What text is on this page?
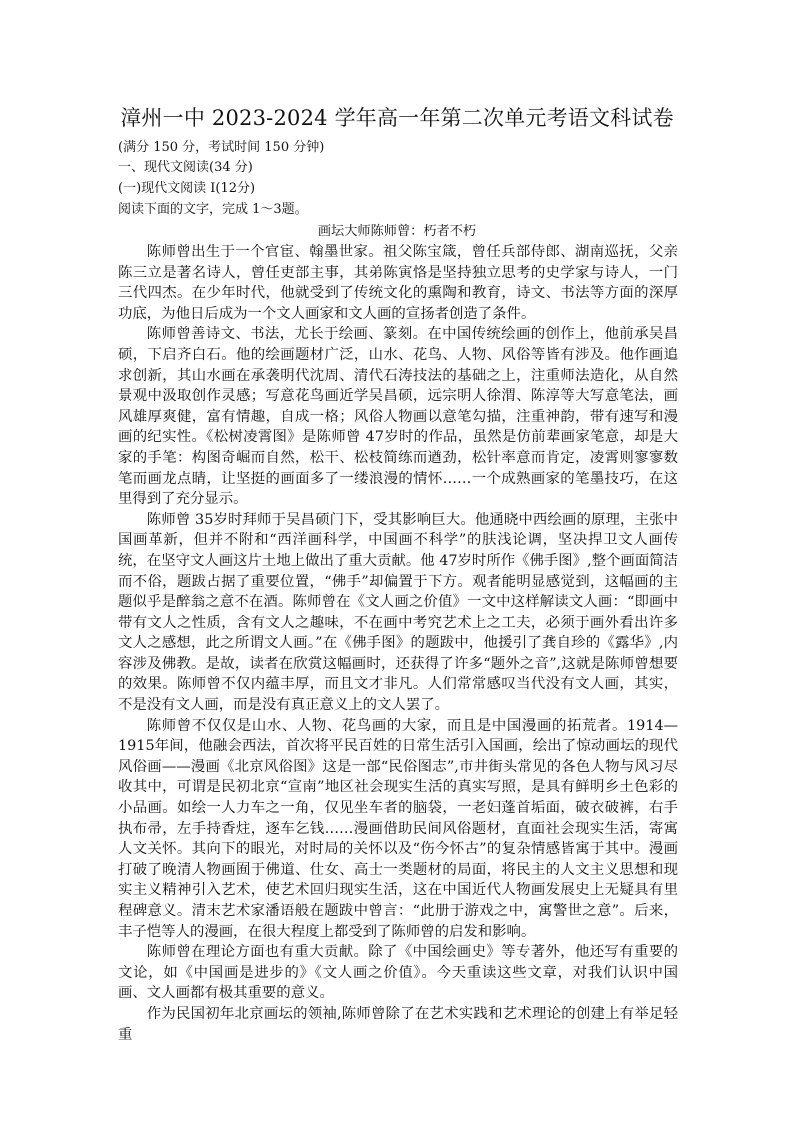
漳州一中 2023-2024 学年高一年第二次单元考语文科试卷
(满分 150 分，考试时间 150 分钟)
一、现代文阅读(34 分)
(一)现代文阅读 I(12分)
阅读下面的文字，完成 1～3题。
画坛大师陈师曾：朽者不朽

陈师曾出生于一个官宦、翰墨世家。祖父陈宝箴，曾任兵部侍郎、湖南巡抚，父亲陈三立是著名诗人，曾任吏部主事，其弟陈寅恪是坚持独立思考的史学家与诗人，一门三代四杰。在少年时代，他就受到了传统文化的熏陶和教育，诗文、书法等方面的深厚功底，为他日后成为一个文人画家和文人画的宣扬者创造了条件。

陈师曾善诗文、书法，尤长于绘画、篆刻。在中国传统绘画的创作上，他前承吴昌硕，下启齐白石。他的绘画题材广泛，山水、花鸟、人物、风俗等皆有涉及。他作画追求创新，其山水画在承袭明代沈周、清代石涛技法的基础之上，注重师法造化，从自然景观中汲取创作灵感；写意花鸟画近学吴昌硕，远宗明人徐渭、陈淳等大写意笔法，画风雄厚爽健，富有情趣，自成一格；风俗人物画以意笔勾描，注重神韵，带有速写和漫画的纪实性。《松树凌霄图》是陈师曾 47岁时的作品，虽然是仿前辈画家笔意，却是大家的手笔：构图奇崛而自然，松干、松枝简练而遒劲，松针率意而肯定，凌霄则寥寥数笔而画龙点睛，让坚挺的画面多了一缕浪漫的情怀……一个成熟画家的笔墨技巧，在这里得到了充分显示。

陈师曾 35岁时拜师于吴昌硕门下，受其影响巨大。他通晓中西绘画的原理，主张中国画革新，但并不附和“西洋画科学，中国画不科学”的肤浅论调，坚决捍卫文人画传统，在坚守文人画这片土地上做出了重大贡献。他 47岁时所作《佛手图》,整个画面简洁而不俗，题跋占据了重要位置，“佛手”却偏置于下方。观者能明显感觉到，这幅画的主题似乎是醉翁之意不在酒。陈师曾在《文人画之价值》一文中这样解读文人画：“即画中带有文人之性质，含有文人之趣味，不在画中考究艺术上之工夫，必须于画外看出许多文人之感想，此之所谓文人画。”在《佛手图》的题跋中，他援引了龚自珍的《露华》,内容涉及佛教。是故，读者在欣赏这幅画时，还获得了许多“题外之音”,这就是陈师曾想要的效果。陈师曾不仅内蕴丰厚，而且文才非凡。人们常常感叹当代没有文人画，其实，不是没有文人画，而是没有真正意义上的文人罢了。

陈师曾不仅仅是山水、人物、花鸟画的大家，而且是中国漫画的拓荒者。1914—1915年间，他融会西法，首次将平民百姓的日常生活引入国画，绘出了惊动画坛的现代风俗画——漫画《北京风俗图》这是一部“民俗图志”,市井街头常见的各色人物与风习尽收其中，可谓是民初北京“宣南”地区社会现实生活的真实写照，是具有鲜明乡土色彩的小品画。如绘一人力车之一角，仅见坐车者的脑袋，一老妇蓬首垢面，破衣破裤，右手执布帚，左手持香炷，逐车乞钱……漫画借助民间风俗题材，直面社会现实生活，寄寓人文关怀。其向下的眼光，对时局的关怀以及“伤今怀古”的复杂情感皆寓于其中。漫画打破了晚清人物画囿于佛道、仕女、高士一类题材的局面，将民主的人文主义思想和现实主义精神引入艺术，使艺术回归现实生活，这在中国近代人物画发展史上无疑具有里程碑意义。清末艺术家潘语般在题跋中曾言：“此册于游戏之中，寓警世之意”。后来，丰子恺等人的漫画，在很大程度上都受到了陈师曾的启发和影响。

陈师曾在理论方面也有重大贡献。除了《中国绘画史》等专著外，他还写有重要的文论，如《中国画是进步的》《文人画之价值》。今天重读这些文章，对我们认识中国画、文人画都有极其重要的意义。

作为民国初年北京画坛的领袖,陈师曾除了在艺术实践和艺术理论的创建上有举足轻重
